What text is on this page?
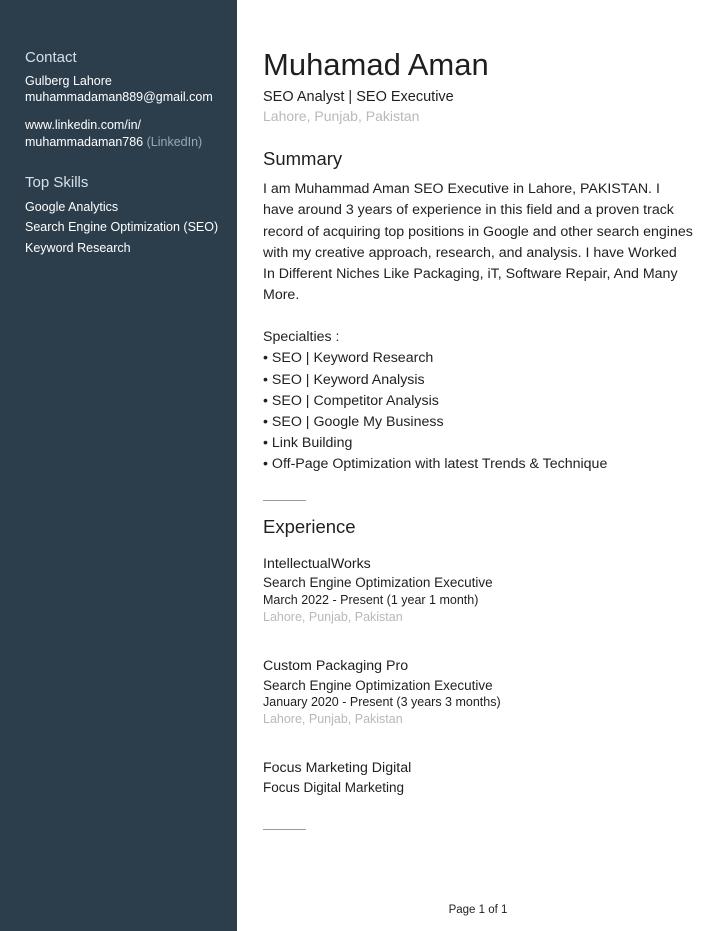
Contact
Gulberg Lahore
muhammadaman889@gmail.com
www.linkedin.com/in/
muhammadaman786 (LinkedIn)
Top Skills
Google Analytics
Search Engine Optimization (SEO)
Keyword Research
Muhamad Aman
SEO Analyst | SEO Executive
Lahore, Punjab, Pakistan
Summary
I am Muhammad Aman SEO Executive in Lahore, PAKISTAN. I
have around 3 years of experience in this field and a proven track
record of acquiring top positions in Google and other search engines
with my creative approach, research, and analysis. I have Worked
In Different Niches Like Packaging, iT, Software Repair, And Many
More.
Specialties :
• SEO | Keyword Research
• SEO | Keyword Analysis
• SEO | Competitor Analysis
• SEO | Google My Business
• Link Building
• Off-Page Optimization with latest Trends & Technique
Experience
IntellectualWorks
Search Engine Optimization Executive
March 2022 - Present (1 year 1 month)
Lahore, Punjab, Pakistan
Custom Packaging Pro
Search Engine Optimization Executive
January 2020 - Present (3 years 3 months)
Lahore, Punjab, Pakistan
Focus Marketing Digital
Focus Digital Marketing
Page 1 of 1
